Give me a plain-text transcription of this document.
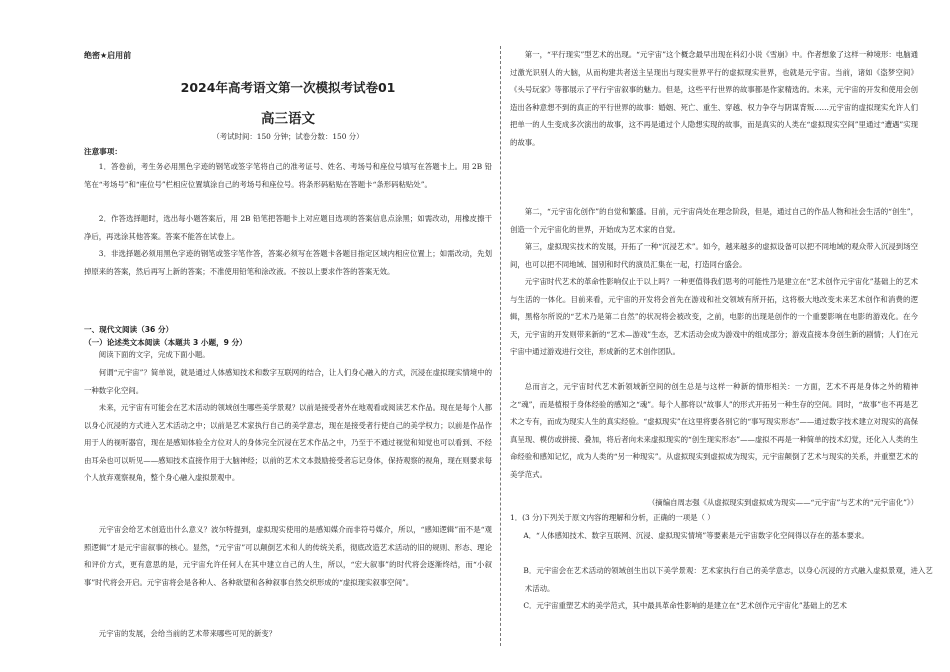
绝密★启用前
2024年高考语文第一次模拟考试卷01
高三语文
（考试时间：150 分钟；试卷分数：150 分）
注意事项：

1．答卷前，考生务必用黑色字迹的钢笔或签字笔将自己的准考证号、姓名、考场号和座位号填写在答题卡上。用 2B 铅笔在“考场号”和“座位号”栏相应位置填涂自己的考场号和座位号。将条形码粘贴在答题卡“条形码粘贴处”。

2．作答选择题时，选出每小题答案后，用 2B 铅笔把答题卡上对应题目选项的答案信息点涂黑；如需改动，用橡皮擦干净后，再选涂其他答案。答案不能答在试卷上。

3．非选择题必须用黑色字迹的钢笔或签字笔作答，答案必须写在答题卡各题目指定区域内相应位置上；如需改动，先划掉原来的答案，然后再写上新的答案；不准使用铅笔和涂改液。不按以上要求作答的答案无效。

一、现代文阅读（36 分）

（一）论述类文本阅读（本题共 3 小题，9 分）

阅读下面的文字，完成下面小题。

何谓“元宇宙”？简单说，就是通过人体感知技术和数字互联网的结合，让人们身心融入的方式，沉浸在虚拟现实情境中的一种数字化空间。

未来，元宇宙有可能会在艺术活动的领域创生哪些美学景观？以前是接受者外在地观看或阅读艺术作品。现在是每个人都以身心沉浸的方式进入艺术活动之中；以前是艺术家执行自己的美学意志，现在是接受者行使自己的美学权力；以前是作品作用于人的视听器官，现在是感知体验全方位对人的身体完全沉浸在艺术作品之中，乃至于不通过视觉和知觉也可以看到、不经由耳朵也可以听见——感知技术直接作用于大脑神经；以前的艺术文本鼓励接受者忘记身体，保持观察的视角，现在则要求每个人放弃观察视角，整个身心融入虚拟景观中。

元宇宙会给艺术创造出什么意义？波尔特提到，虚拟现实使用的是感知媒介而非符号媒介，所以，“感知逻辑”而不是“观照逻辑”才是元宇宙叙事的核心。显然，“元宇宙”可以颠倒艺术和人的传统关系，彻底改造艺术活动的旧的规则、形态、理论和评价方式，更有意思的是，元宇宙允许任何人在其中建立自己的人生，所以，“宏大叙事”的时代将会逐渐终结，而“小叙事”时代将会开启。元宇宙将会是各种人、各种欲望和各种叙事自然交织形成的“虚拟现实叙事空间”。

元宇宙的发展，会给当前的艺术带来哪些可见的新变？

第一，“平行现实”型艺术的出现。“元宇宙”这个概念最早出现在科幻小说《雪崩》中。作者想象了这样一种境形：电脑通过激光识别人的大脑，从而构建共者送主呈现出与现实世界平行的虚拟现实世界，也就是元宇宙。当前，诸如《盗梦空间》《头号玩家》等都展示了平行宇宙叙事的魅力。但是，这些平行世界的故事都是作家精选的。未来，元宇宙的开发和使用会创造出各种意想不到的真正的平行世界的故事：婚姻、死亡、重生、穿越、权力争夺与阴谋背叛……元宇宙的虚拟现实允许人们把单一的人生变成多次演出的故事，这不再是通过个人隐想实现的故事，而是真实的人类在“虚拟现实空间”里通过“遭遇”实现的故事。

第二，“元宇宙化创作”的自觉和繁盛。目前，元宇宙尚处在理念阶段，但是，通过自己的作品人物和社会生活的“创生”，创造一个元宇宙化的世界，开始成为艺术家的自觉。

第三，虚拟现实技术的发展，开拓了一种“沉浸艺术”。如今，越来越多的虚拟设备可以把不同地域的观众带入沉浸到场空间，也可以把不同地域、国别和时代的演员汇集在一起，打造同台盛会。

元宇宙时代艺术的革命性影响仅止于以上吗？一种更值得我们思考的可能性乃是建立在“艺术创作元宇宙化”基础上的艺术与生活的一体化。目前来看，元宇宙的开发将会首先在游戏和社交领域有所开拓，这将极大地改变未来艺术创作和消费的逻辑，黑格尔所说的“艺术乃是第二自然”的状况将会被改变，之前，电影的出现是创作的一个重要影响在电影的游戏化。在今天，元宇宙的开发则带来新的“艺术—游戏”生态，艺术活动会成为游戏中的组成部分；游戏直接本身创生新的剧情；人们在元宇宙中通过游戏进行交往，形成新的艺术创作团队。

总而言之，元宇宙时代艺术新领域新空间的创生总是与这样一种新的情形相关：一方面，艺术不再是身体之外的精神之“魂”，而是植根于身体经验的感知之“魂”。每个人都将以“故事人”的形式开拓另一种生存的空间。同时，“故事”也不再是艺术之专有，而成为现实人生的真实经验。“虚拟现实”在这里将要各别它的“事写现实形态”——通过数字技术建立对现实的高保真呈现、模仿或拼接、叠加，将后者向未来虚拟现实的“创生现实形态”——虚拟不再是一种简单的技术幻觉，还化入人类的生命经验和感知记忆，成为人类的“另一种现实”。从虚拟现实到虚拟成为现实，元宇宙颠倒了艺术与现实的关系，并重塑艺术的美学范式。

（摘编自周志强《从虚拟现实到虚拟成为现实——“元宇宙”与艺术的“元宇宙化”》）

1．(3 分)下列关于原文内容的理解和分析，正确的一项是（ ）

A．“人体感知技术、数字互联网、沉浸、虚拟现实情境”等要素是元宇宙数字化空间得以存在的基本要求。

B．元宇宙会在艺术活动的领域创生出以下美学景观：艺术家执行自己的美学意志，以身心沉浸的方式融入虚拟景观，进入艺术活动。

C．元宇宙重塑艺术的美学范式，其中最具革命性影响的是建立在“艺术创作元宇宙化”基础上的艺术
